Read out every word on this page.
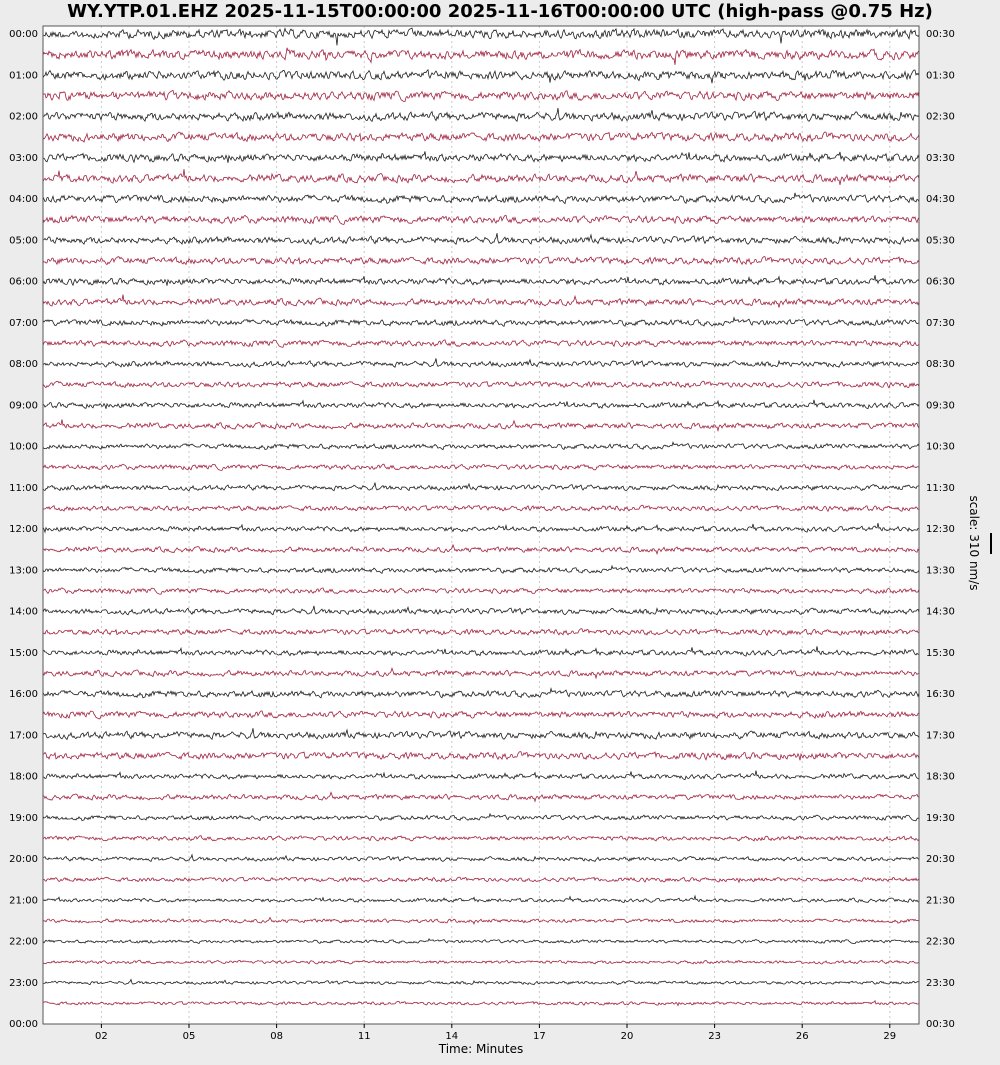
WY.YTP.01.EHZ 2025-11-15T00:00:00 2025-11-16T00:00:00 UTC (high-pass @0.75 Hz)
00:00
01:00
02:00
03:00
04:00
05:00
06:00
07:00
08:00
09:00
10:00
11:00
12:00
13:00
14:00
15:00
16:00
17:00
18:00
19:00
20:00
21:00
22:00
23:00
00:00
00:30
01:30
02:30
03:30
04:30
05:30
06:30
07:30
08:30
09:30
10:30
11:30
12:30
13:30
14:30
15:30
16:30
17:30
18:30
19:30
20:30
21:30
22:30
23:30
00:30
02	05	08	11	14	17	20	23	26	29
scale: 310 nm/s
Time: Minutes
